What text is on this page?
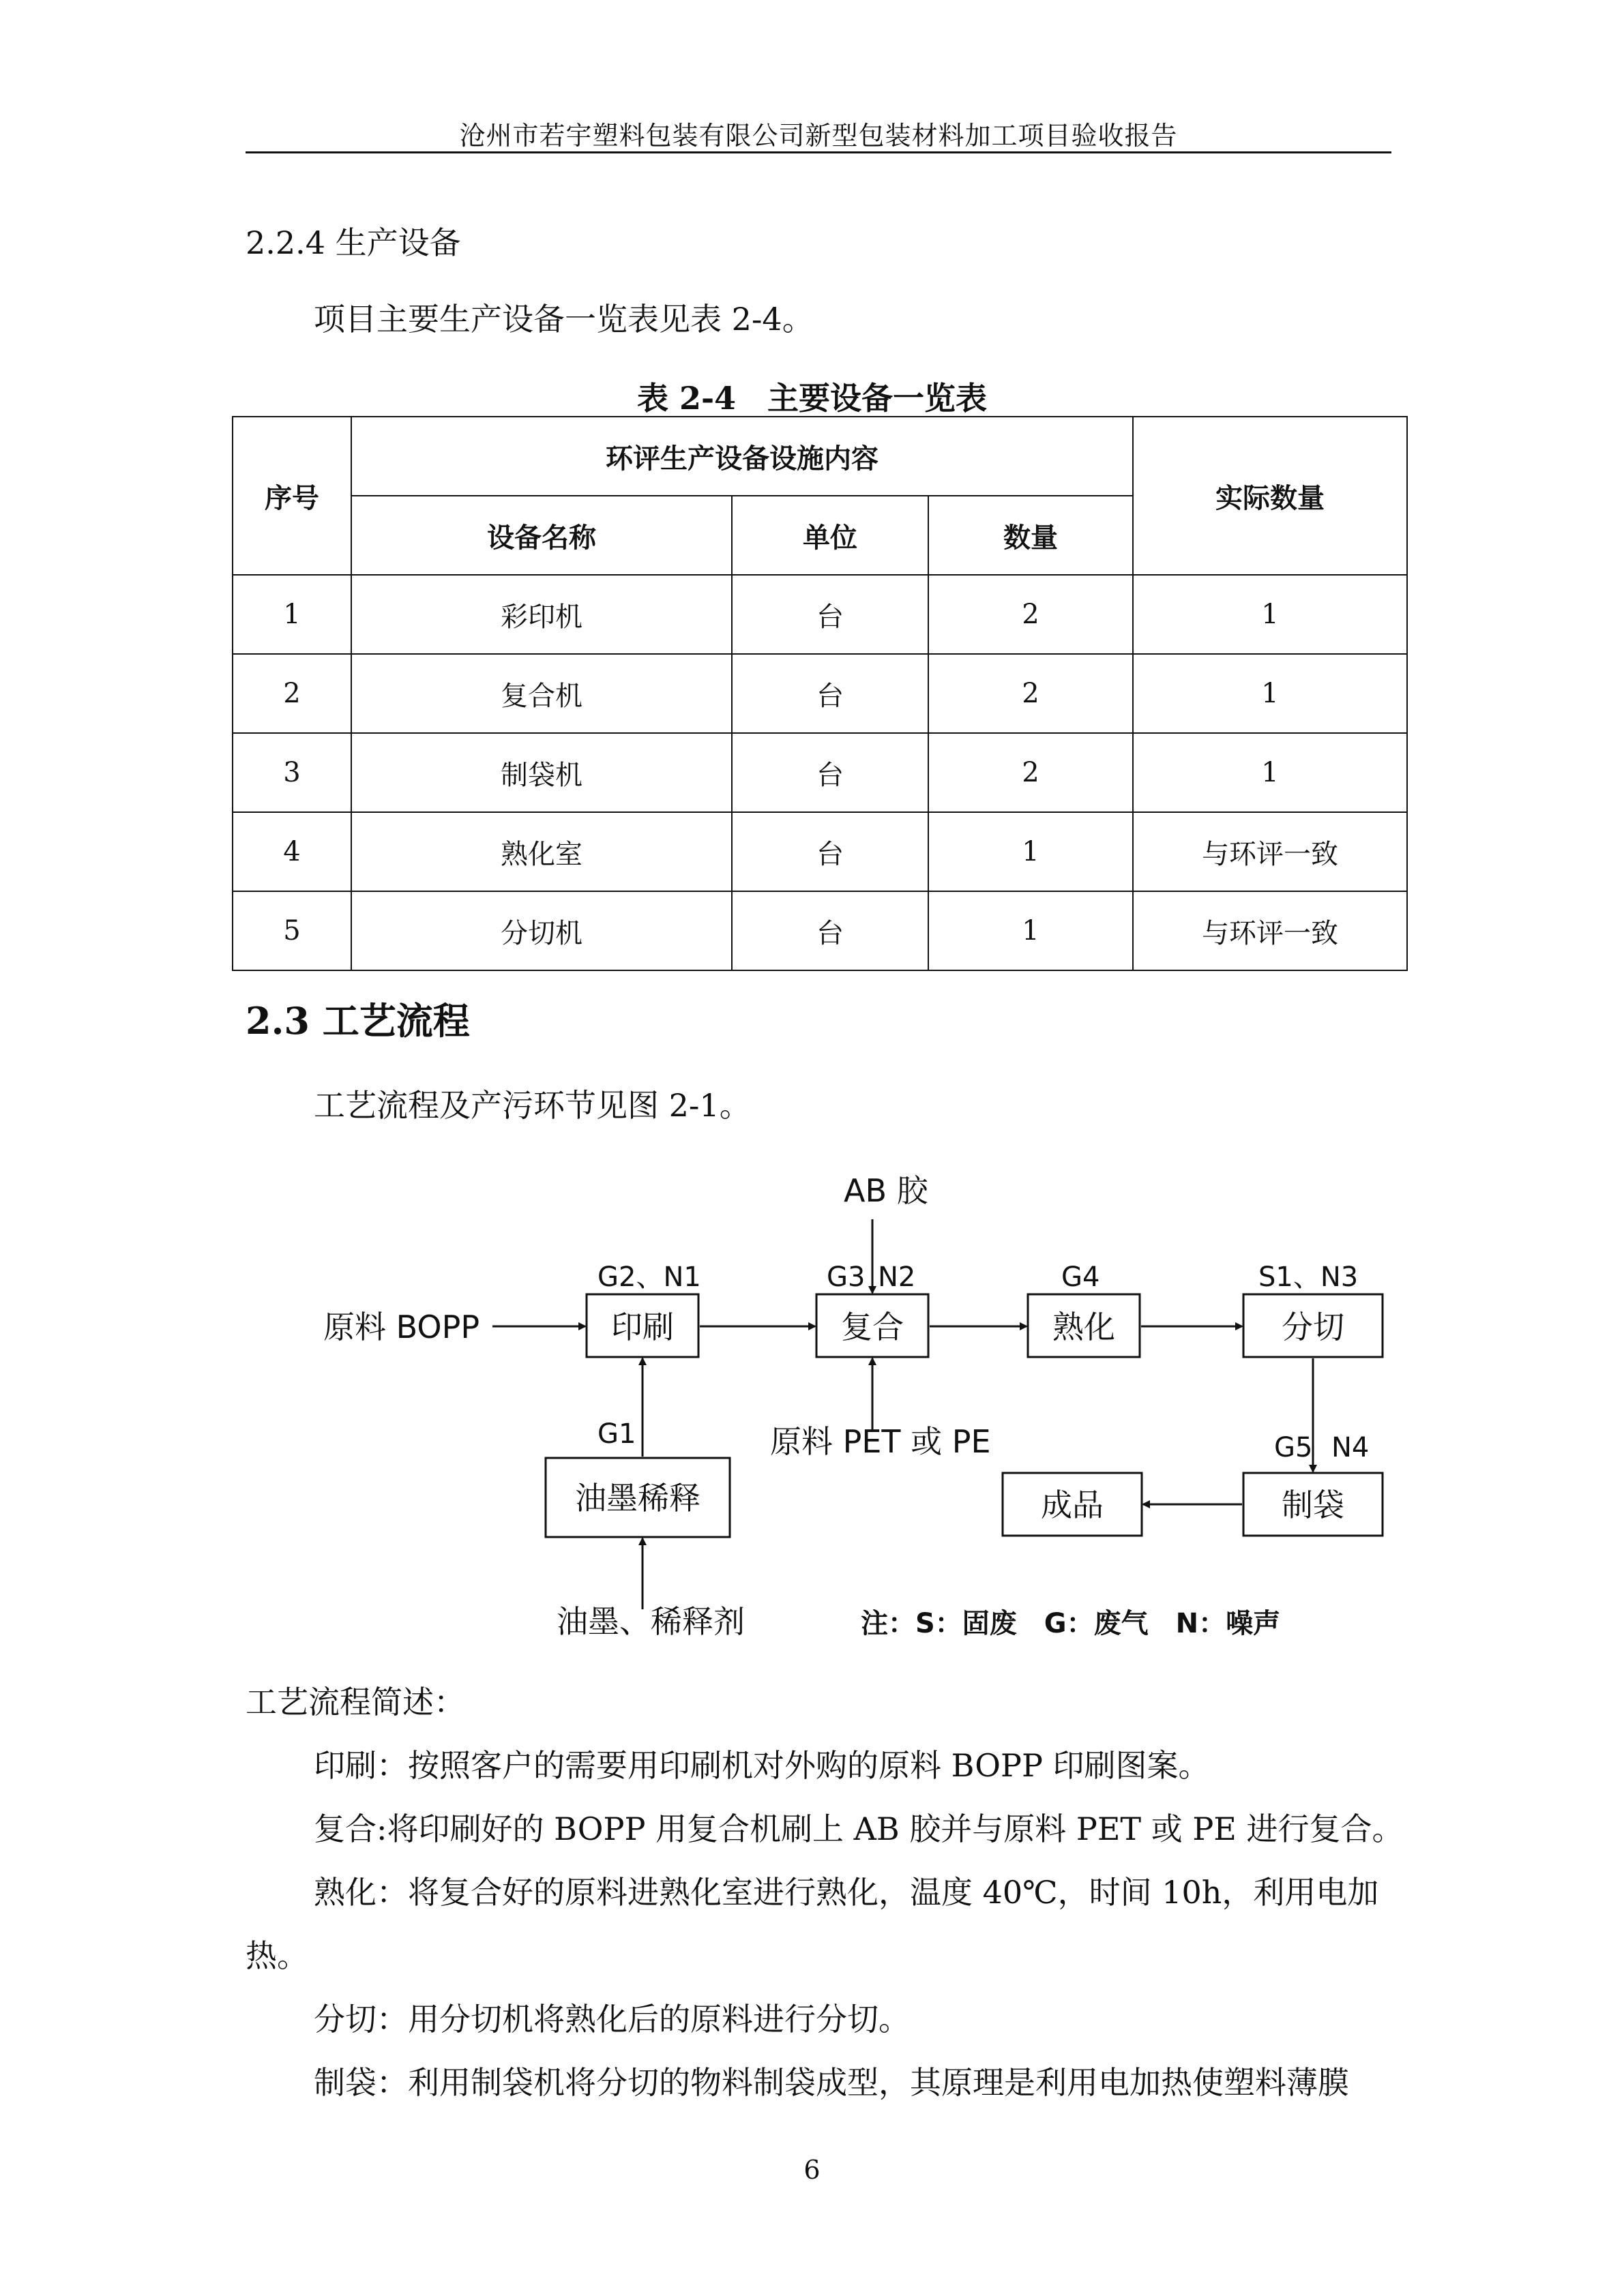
沧州市若宇塑料包装有限公司新型包装材料加工项目验收报告
2.2.4 生产设备
项目主要生产设备一览表见表 2-4。
表 2-4　主要设备一览表
序号	环评生产设备设施内容			实际数量
	设备名称	单位	数量	
1	彩印机	台	2	1
2	复合机	台	2	1
3	制袋机	台	2	1
4	熟化室	台	1	与环评一致
5	分切机	台	1	与环评一致
2.3 工艺流程
工艺流程及产污环节见图 2-1。
原料 BOPP
AB 胶
原料 PET 或 PE
油墨、稀释剂
G2、N1	G3 N2	G4	S1、N3
G1	G5 N4
印刷	复合	熟化	分切
油墨稀释	成品	制袋
注：S：固废　G：废气　N：噪声
工艺流程简述：
印刷：按照客户的需要用印刷机对外购的原料 BOPP 印刷图案。
复合:将印刷好的 BOPP 用复合机刷上 AB 胶并与原料 PET 或 PE 进行复合。
熟化：将复合好的原料进熟化室进行熟化，温度 40℃，时间 10h，利用电加
热。
分切：用分切机将熟化后的原料进行分切。
制袋：利用制袋机将分切的物料制袋成型，其原理是利用电加热使塑料薄膜
6
